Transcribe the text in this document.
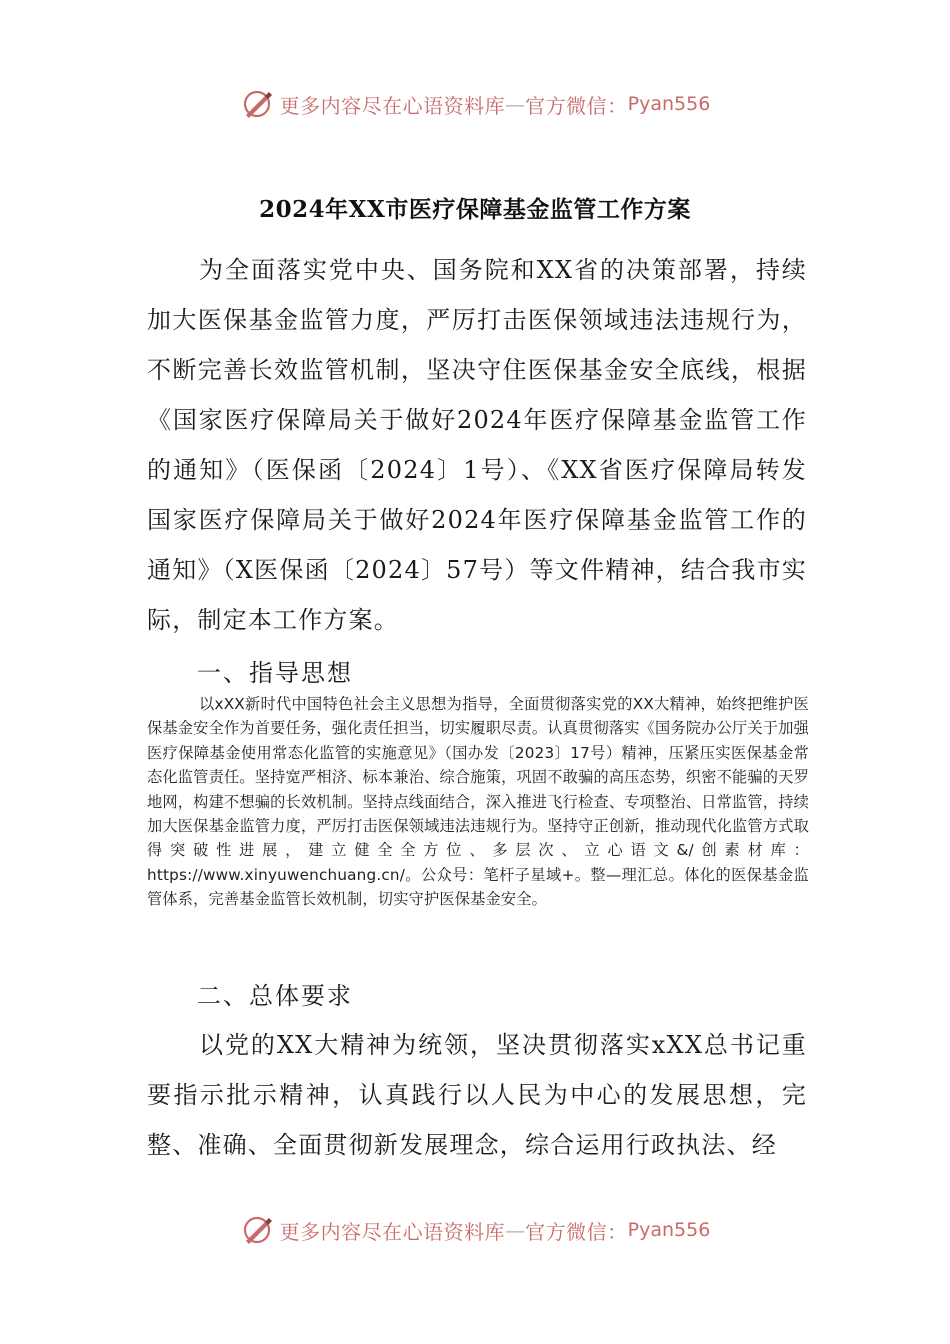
更多内容尽在心语资料库 — 官方微信： Pyan556
2024年XX市医疗保障基金监管工作方案

为全面落实党中央、国务院和XX省的决策部署，持续加大医保基金监管力度，严厉打击医保领域违法违规行为，不断完善长效监管机制，坚决守住医保基金安全底线，根据《国家医疗保障局关于做好2024年医疗保障基金监管工作的通知》（医保函〔2024〕1号）、《XX省医疗保障局转发国家医疗保障局关于做好2024年医疗保障基金监管工作的通知》（X医保函〔2024〕57号）等文件精神，结合我市实际，制定本工作方案。

一、指导思想

以xXX新时代中国特色社会主义思想为指导，全面贯彻落实党的XX大精神，始终把维护医保基金安全作为首要任务，强化责任担当，切实履职尽责。认真贯彻落实《国务院办公厅关于加强医疗保障基金使用常态化监管的实施意见》（国办发〔2023〕17号）精神，压紧压实医保基金常态化监管责任。坚持宽严相济、标本兼治、综合施策，巩固不敢骗的高压态势，织密不能骗的天罗地网，构建不想骗的长效机制。坚持点线面结合，深入推进飞行检查、专项整治、日常监管，持续加大医保基金监管力度，严厉打击医保领域违法违规行为。坚持守正创新，推动现代化监管方式取得突破性进展，建立健全全方位、多层次、立心语文&/创素材库：https://www.xinyuwenchuang.cn/。公众号：笔杆子星域+。整—理汇总。体化的医保基金监管体系，完善基金监管长效机制，切实守护医保基金安全。

二、总体要求

以党的XX大精神为统领，坚决贯彻落实xXX总书记重要指示批示精神，认真践行以人民为中心的发展思想，完整、准确、全面贯彻新发展理念，综合运用行政执法、经

更多内容尽在心语资料库 — 官方微信： Pyan556
